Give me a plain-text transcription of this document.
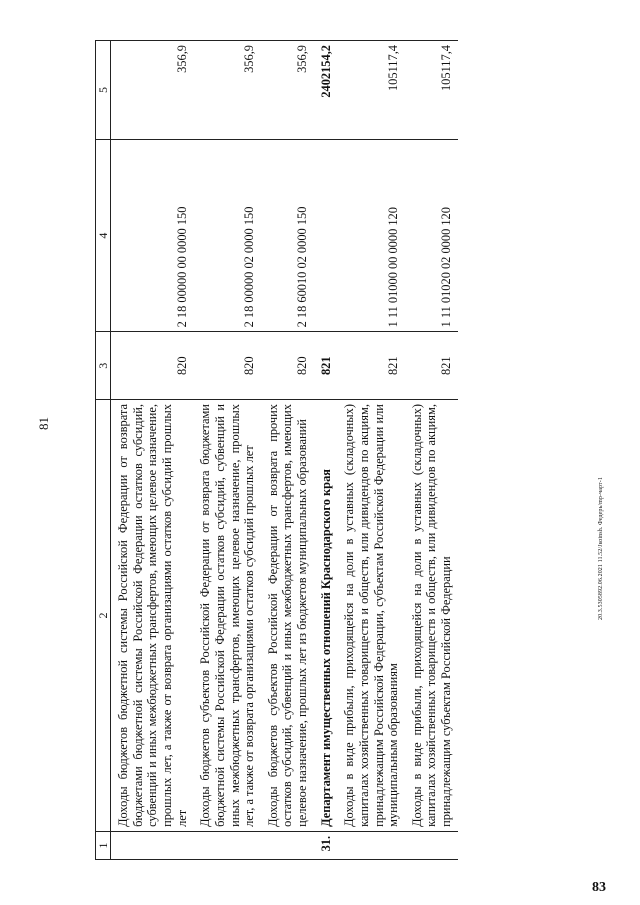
81
1	2	3	4	5
	Доходы бюджетов бюджетной системы Российской Федерации от возврата бюджетами бюджетной системы Российской Федерации остатков субсидий, субвенций и иных межбюджетных трансфертов, имеющих целевое назначение, прошлых лет, а также от возврата организациями остатков субсидий прошлых лет	820	2 18 00000 00 0000 150	356,9
	Доходы бюджетов субъектов Российской Федерации от возврата бюджетами бюджетной системы Российской Федерации остатков субсидий, субвенций и иных межбюджетных трансфертов, имеющих целевое назначение, прошлых лет, а также от возврата организациями остатков субсидий прошлых лет	820	2 18 00000 02 0000 150	356,9
	Доходы бюджетов субъектов Российской Федерации от возврата прочих остатков субсидий, субвенций и иных межбюджетных трансфертов, имеющих целевое назначение, прошлых лет из бюджетов муниципальных образований	820	2 18 60010 02 0000 150	356,9
31.	Департамент имущественных отношений Краснодарского края	821		2402154,2
	Доходы в виде прибыли, приходящейся на доли в уставных (складочных) капиталах хозяйственных товариществ и обществ, или дивидендов по акциям, принадлежащим Российской Федерации, субъектам Российской Федерации или муниципальным образованиям	821	1 11 01000 00 0000 120	105117,4
	Доходы в виде прибыли, приходящейся на доли в уставных (складочных) капиталах хозяйственных товариществ и обществ, или дивидендов по акциям, принадлежащим субъектам Российской Федерации	821	1 11 01020 02 0000 120	105117,4
20.3.5305892.06.2021 11.52/Jкоinsh. Федерь/mp-чарт-1
83
